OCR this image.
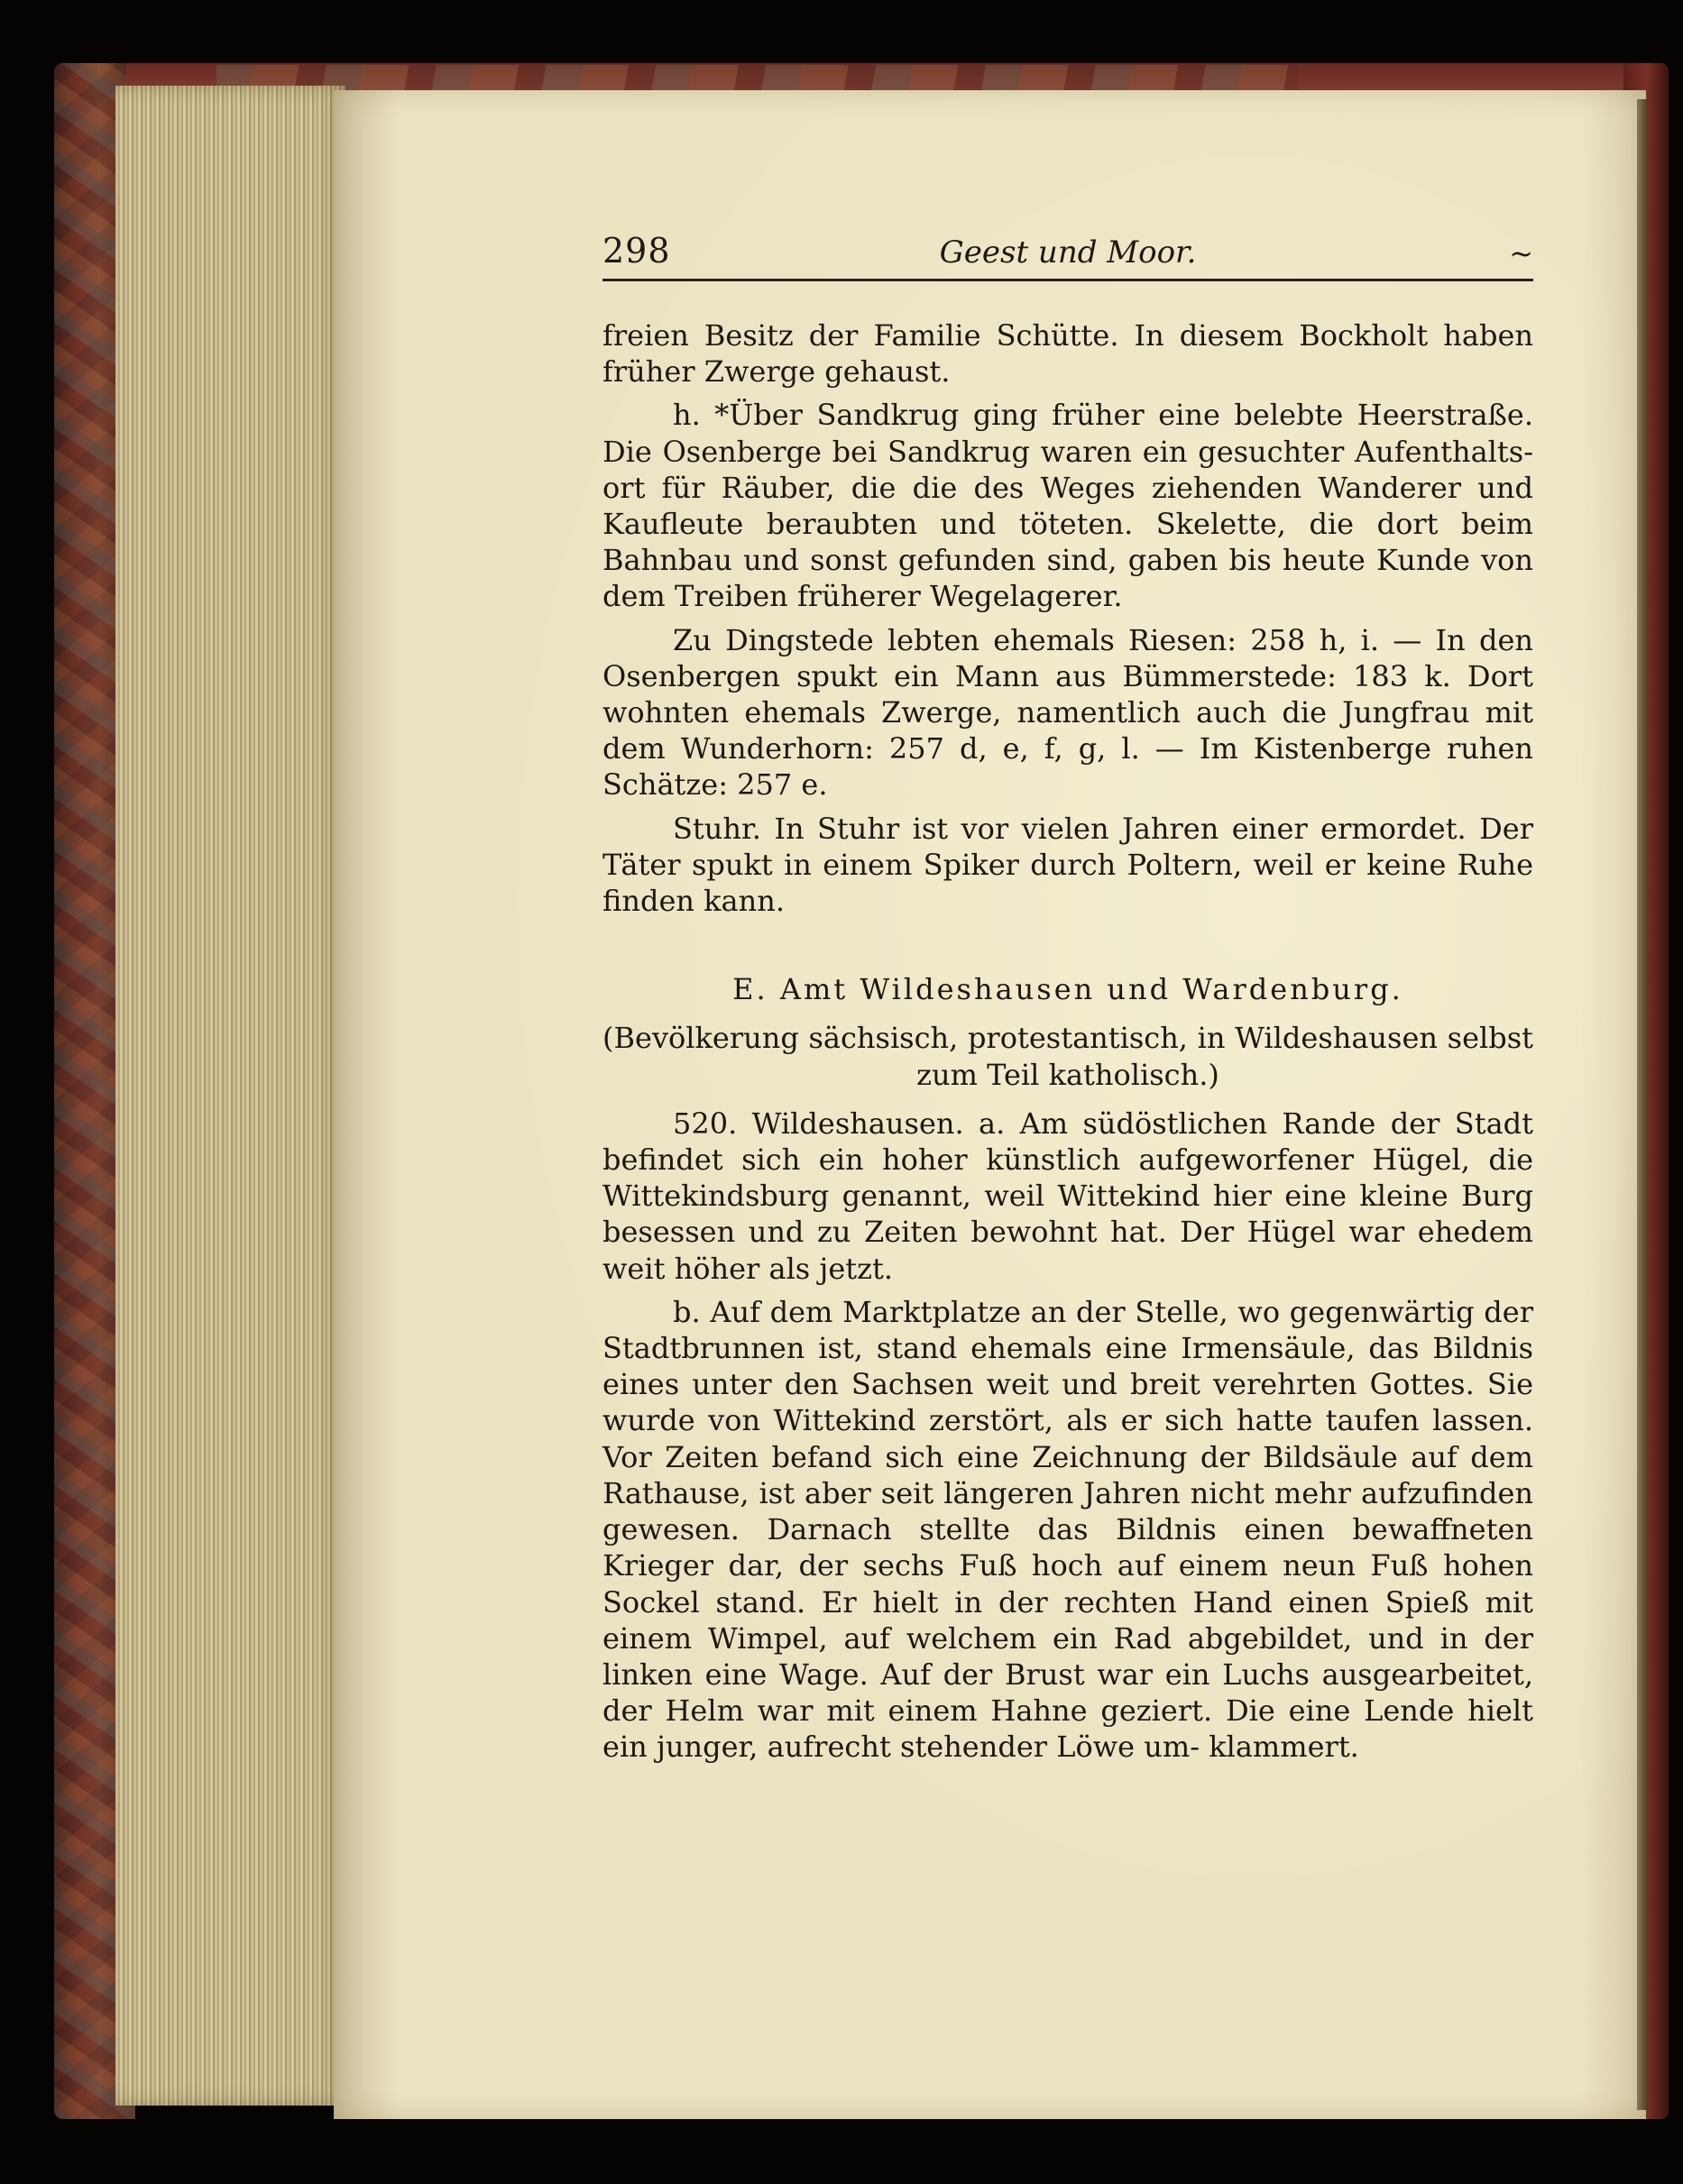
298	Geest und Moor.	~

freien Besitz der Familie Schütte. In diesem Bockholt haben früher Zwerge gehaust.

h. *Über Sandkrug ging früher eine belebte Heerstraße. Die Osenberge bei Sandkrug waren ein gesuchter Aufenthalts- ort für Räuber, die die des Weges ziehenden Wanderer und Kaufleute beraubten und töteten. Skelette, die dort beim Bahnbau und sonst gefunden sind, gaben bis heute Kunde von dem Treiben früherer Wegelagerer.

Zu Dingstede lebten ehemals Riesen: 258 h, i. — In den Osenbergen spukt ein Mann aus Bümmerstede: 183 k. Dort wohnten ehemals Zwerge, namentlich auch die Jungfrau mit dem Wunderhorn: 257 d, e, f, g, l. — Im Kistenberge ruhen Schätze: 257 e.

Stuhr. In Stuhr ist vor vielen Jahren einer ermordet. Der Täter spukt in einem Spiker durch Poltern, weil er keine Ruhe finden kann.

E. Amt Wildeshausen und Wardenburg.

(Bevölkerung sächsisch, protestantisch, in Wildeshausen selbst zum Teil katholisch.)

520. Wildeshausen. a. Am südöstlichen Rande der Stadt befindet sich ein hoher künstlich aufgeworfener Hügel, die Wittekindsburg genannt, weil Wittekind hier eine kleine Burg besessen und zu Zeiten bewohnt hat. Der Hügel war ehedem weit höher als jetzt.

b. Auf dem Marktplatze an der Stelle, wo gegenwärtig der Stadtbrunnen ist, stand ehemals eine Irmensäule, das Bildnis eines unter den Sachsen weit und breit verehrten Gottes. Sie wurde von Wittekind zerstört, als er sich hatte taufen lassen. Vor Zeiten befand sich eine Zeichnung der Bildsäule auf dem Rathause, ist aber seit längeren Jahren nicht mehr aufzufinden gewesen. Darnach stellte das Bildnis einen bewaffneten Krieger dar, der sechs Fuß hoch auf einem neun Fuß hohen Sockel stand. Er hielt in der rechten Hand einen Spieß mit einem Wimpel, auf welchem ein Rad abgebildet, und in der linken eine Wage. Auf der Brust war ein Luchs ausgearbeitet, der Helm war mit einem Hahne geziert. Die eine Lende hielt ein junger, aufrecht stehender Löwe um- klammert.
